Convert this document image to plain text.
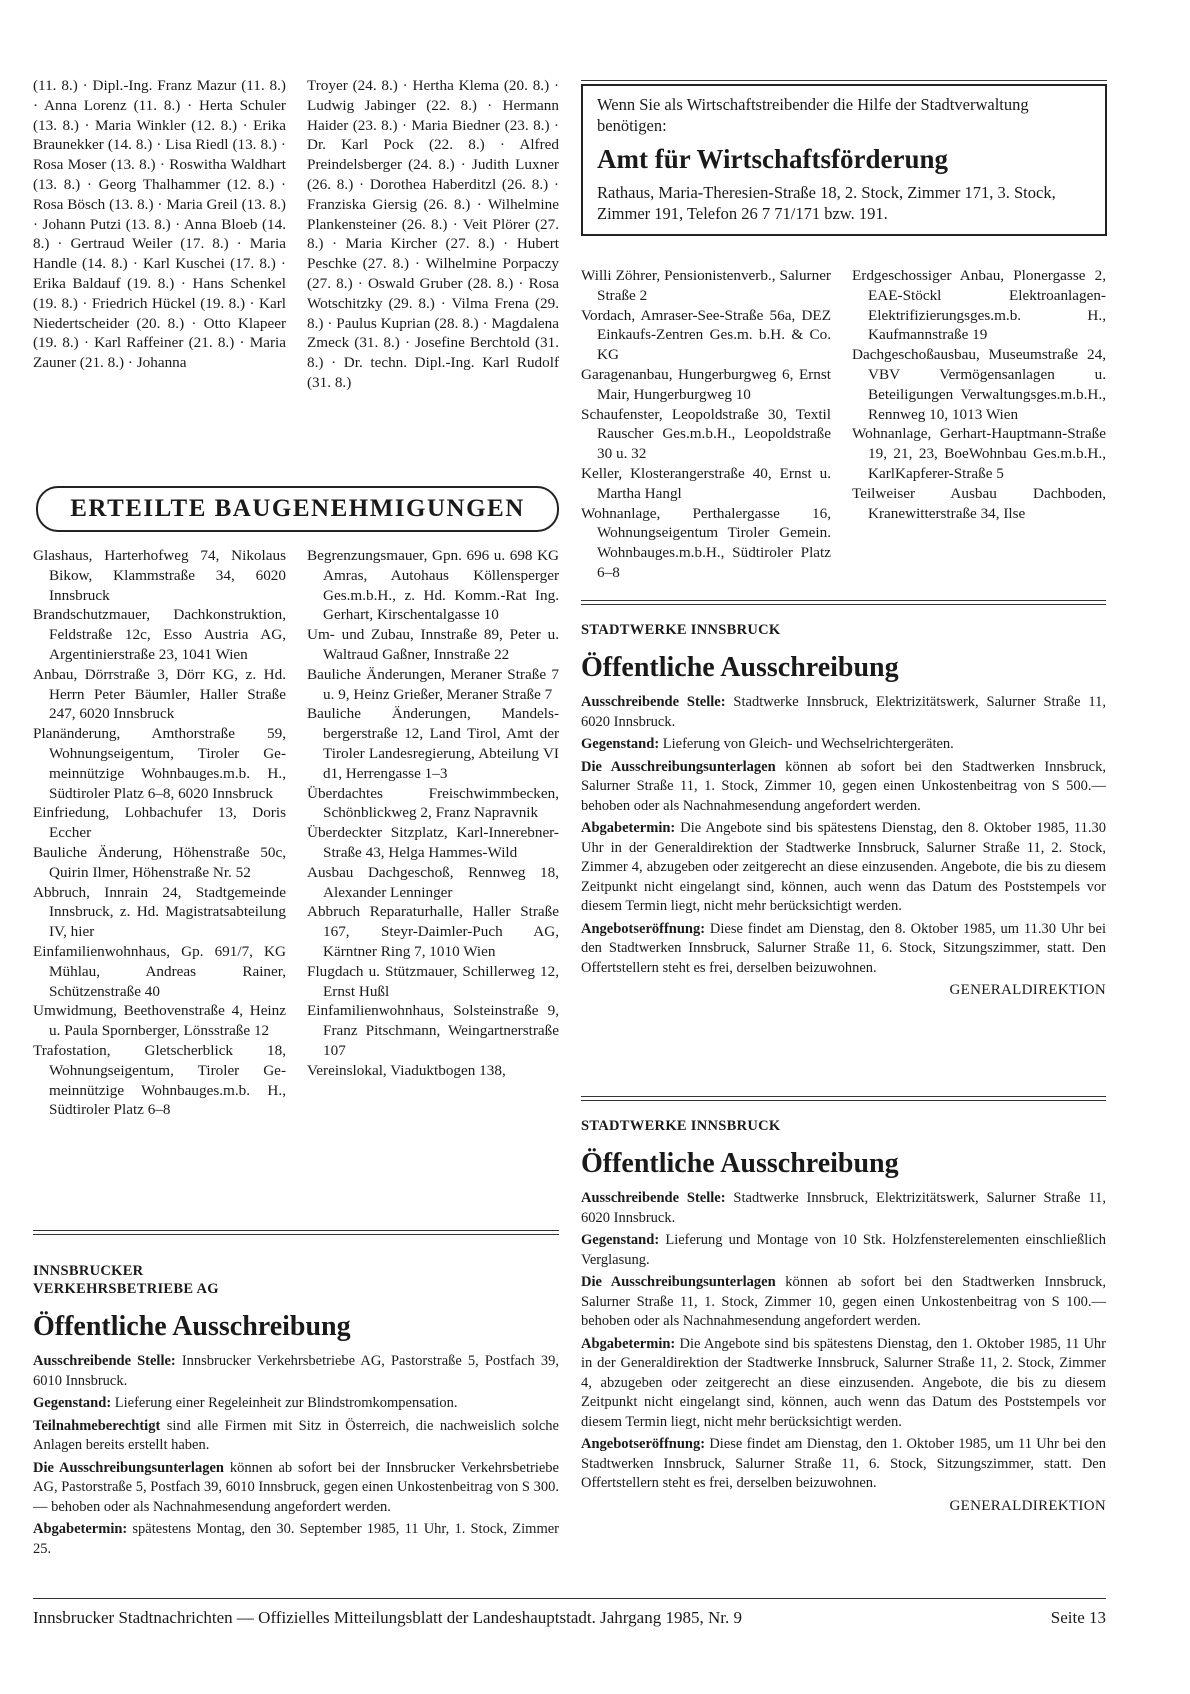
(11. 8.) · Dipl.-Ing. Franz Mazur (11. 8.) · Anna Lorenz (11. 8.) · Herta Schuler (13. 8.) · Maria Winkler (12. 8.) · Erika Braunekker (14. 8.) · Lisa Riedl (13. 8.) · Rosa Moser (13. 8.) · Roswitha Waldhart (13. 8.) · Georg Thalhammer (12. 8.) · Rosa Bösch (13. 8.) · Maria Greil (13. 8.) · Johann Putzi (13. 8.) · Anna Bloeb (14. 8.) · Gertraud Weiler (17. 8.) · Maria Handle (14. 8.) · Karl Kuschei (17. 8.) · Erika Baldauf (19. 8.) · Hans Schenkel (19. 8.) · Friedrich Hückel (19. 8.) · Karl Niedertscheider (20. 8.) · Otto Klapeer (19. 8.) · Karl Raffeiner (21. 8.) · Maria Zauner (21. 8.) · Johanna

Troyer (24. 8.) · Hertha Klema (20. 8.) · Ludwig Jabinger (22. 8.) · Hermann Haider (23. 8.) · Maria Biedner (23. 8.) · Dr. Karl Pock (22. 8.) · Alfred Preindelsberger (24. 8.) · Judith Luxner (26. 8.) · Dorothea Haberditzl (26. 8.) · Franziska Giersig (26. 8.) · Wilhelmine Plankensteiner (26. 8.) · Veit Plörer (27. 8.) · Maria Kircher (27. 8.) · Hubert Peschke (27. 8.) · Wilhelmine Porpaczy (27. 8.) · Oswald Gruber (28. 8.) · Rosa Wotschitzky (29. 8.) · Vilma Frena (29. 8.) · Paulus Kuprian (28. 8.) · Magdalena Zmeck (31. 8.) · Josefine Berchtold (31. 8.) · Dr. techn. Dipl.-Ing. Karl Rudolf (31. 8.)

Wenn Sie als Wirtschaftstreibender die Hilfe der Stadtverwaltung benötigen:
Amt für Wirtschaftsförderung
Rathaus, Maria-Theresien-Straße 18, 2. Stock, Zimmer 171, 3. Stock, Zimmer 191, Telefon 26 7 71/171 bzw. 191.
ERTEILTE BAUGENEHMIGUNGEN

Glashaus, Harterhofweg 74, Nikolaus Bikow, Klammstraße 34, 6020 Innsbruck

Brandschutzmauer, Dachkonstruktion, Feldstraße 12c, Esso Austria AG, Argentinierstraße 23, 1041 Wien

Anbau, Dörrstraße 3, Dörr KG, z. Hd. Herrn Peter Bäumler, Haller Straße 247, 6020 Innsbruck

Planänderung, Amthorstraße 59, Wohnungseigentum, Tiroler Gemeinnützige Wohnbauges.m.b. H., Südtiroler Platz 6–8, 6020 Innsbruck

Einfriedung, Lohbachufer 13, Doris Eccher

Bauliche Änderung, Höhenstraße 50c, Quirin Ilmer, Höhenstraße Nr. 52

Abbruch, Innrain 24, Stadtgemeinde Innsbruck, z. Hd. Magistratsabteilung IV, hier

Einfamilienwohnhaus, Gp. 691/7, KG Mühlau, Andreas Rainer, Schützenstraße 40

Umwidmung, Beethovenstraße 4, Heinz u. Paula Spornberger, Lönsstraße 12

Trafostation, Gletscherblick 18, Wohnungseigentum, Tiroler Gemeinnützige Wohnbauges.m.b. H., Südtiroler Platz 6–8

Begrenzungsmauer, Gpn. 696 u. 698 KG Amras, Autohaus Köllensperger Ges.m.b.H., z. Hd. Komm.-Rat Ing. Gerhart, Kirschentalgasse 10

Um- und Zubau, Innstraße 89, Peter u. Waltraud Gaßner, Innstraße 22

Bauliche Änderungen, Meraner Straße 7 u. 9, Heinz Grießer, Meraner Straße 7

Bauliche Änderungen, Mandelsbergerstraße 12, Land Tirol, Amt der Tiroler Landesregierung, Abteilung VI d1, Herrengasse 1–3

Überdachtes Freischwimmbecken, Schönblickweg 2, Franz Napravnik

Überdeckter Sitzplatz, Karl-Innerebner-Straße 43, Helga Hammes-Wild

Ausbau Dachgeschoß, Rennweg 18, Alexander Lenninger

Abbruch Reparaturhalle, Haller Straße 167, Steyr-Daimler-Puch AG, Kärntner Ring 7, 1010 Wien

Flugdach u. Stützmauer, Schillerweg 12, Ernst Hußl

Einfamilienwohnhaus, Solsteinstraße 9, Franz Pitschmann, Weingartnerstraße 107

Vereinslokal, Viaduktbogen 138,

Willi Zöhrer, Pensionistenverb., Salurner Straße 2

Vordach, Amraser-See-Straße 56a, DEZ Einkaufs-Zentren Ges.m. b.H. & Co. KG

Garagenanbau, Hungerburgweg 6, Ernst Mair, Hungerburgweg 10

Schaufenster, Leopoldstraße 30, Textil Rauscher Ges.m.b.H., Leopoldstraße 30 u. 32

Keller, Klosterangerstraße 40, Ernst u. Martha Hangl

Wohnanlage, Perthalergasse 16, Wohnungseigentum Tiroler Gemein. Wohnbauges.m.b.H., Südtiroler Platz 6–8

Erdgeschossiger Anbau, Plonergasse 2, EAE-Stöckl Elektroanlagen-Elektrifizierungsges.m.b. H., Kaufmannstraße 19

Dachgeschoßausbau, Museumstraße 24, VBV Vermögensanlagen u. Beteiligungen Verwaltungsges.m.b.H., Rennweg 10, 1013 Wien

Wohnanlage, Gerhart-Hauptmann-Straße 19, 21, 23, BoeWohnbau Ges.m.b.H., KarlKapferer-Straße 5

Teilweiser Ausbau Dachboden, Kranewitterstraße 34, Ilse

STADTWERKE INNSBRUCK
Öffentliche Ausschreibung

Ausschreibende Stelle: Stadtwerke Innsbruck, Elektrizitätswerk, Salurner Straße 11, 6020 Innsbruck.

Gegenstand: Lieferung von Gleich- und Wechselrichtergeräten.

Die Ausschreibungsunterlagen können ab sofort bei den Stadtwerken Innsbruck, Salurner Straße 11, 1. Stock, Zimmer 10, gegen einen Unkostenbeitrag von S 500.— behoben oder als Nachnahmesendung angefordert werden.

Abgabetermin: Die Angebote sind bis spätestens Dienstag, den 8. Oktober 1985, 11.30 Uhr in der Generaldirektion der Stadtwerke Innsbruck, Salurner Straße 11, 2. Stock, Zimmer 4, abzugeben oder zeitgerecht an diese einzusenden. Angebote, die bis zu diesem Zeitpunkt nicht eingelangt sind, können, auch wenn das Datum des Poststempels vor diesem Termin liegt, nicht mehr berücksichtigt werden.

Angebotseröffnung: Diese findet am Dienstag, den 8. Oktober 1985, um 11.30 Uhr bei den Stadtwerken Innsbruck, Salurner Straße 11, 6. Stock, Sitzungszimmer, statt. Den Offertstellern steht es frei, derselben beizuwohnen.

GENERALDIREKTION
STADTWERKE INNSBRUCK
Öffentliche Ausschreibung

Ausschreibende Stelle: Stadtwerke Innsbruck, Elektrizitätswerk, Salurner Straße 11, 6020 Innsbruck.

Gegenstand: Lieferung und Montage von 10 Stk. Holzfensterelementen einschließlich Verglasung.

Die Ausschreibungsunterlagen können ab sofort bei den Stadtwerken Innsbruck, Salurner Straße 11, 1. Stock, Zimmer 10, gegen einen Unkostenbeitrag von S 100.— behoben oder als Nachnahmesendung angefordert werden.

Abgabetermin: Die Angebote sind bis spätestens Dienstag, den 1. Oktober 1985, 11 Uhr in der Generaldirektion der Stadtwerke Innsbruck, Salurner Straße 11, 2. Stock, Zimmer 4, abzugeben oder zeitgerecht an diese einzusenden. Angebote, die bis zu diesem Zeitpunkt nicht eingelangt sind, können, auch wenn das Datum des Poststempels vor diesem Termin liegt, nicht mehr berücksichtigt werden.

Angebotseröffnung: Diese findet am Dienstag, den 1. Oktober 1985, um 11 Uhr bei den Stadtwerken Innsbruck, Salurner Straße 11, 6. Stock, Sitzungszimmer, statt. Den Offertstellern steht es frei, derselben beizuwohnen.

GENERALDIREKTION
INNSBRUCKER
VERKEHRSBETRIEBE AG
Öffentliche Ausschreibung

Ausschreibende Stelle: Innsbrucker Verkehrsbetriebe AG, Pastorstraße 5, Postfach 39, 6010 Innsbruck.

Gegenstand: Lieferung einer Regeleinheit zur Blindstromkompensation.

Teilnahmeberechtigt sind alle Firmen mit Sitz in Österreich, die nachweislich solche Anlagen bereits erstellt haben.

Die Ausschreibungsunterlagen können ab sofort bei der Innsbrucker Verkehrsbetriebe AG, Pastorstraße 5, Postfach 39, 6010 Innsbruck, gegen einen Unkostenbeitrag von S 300.— behoben oder als Nachnahmesendung angefordert werden.

Abgabetermin: spätestens Montag, den 30. September 1985, 11 Uhr, 1. Stock, Zimmer 25.

Innsbrucker Stadtnachrichten — Offizielles Mitteilungsblatt der Landeshauptstadt. Jahrgang 1985, Nr. 9	Seite 13
